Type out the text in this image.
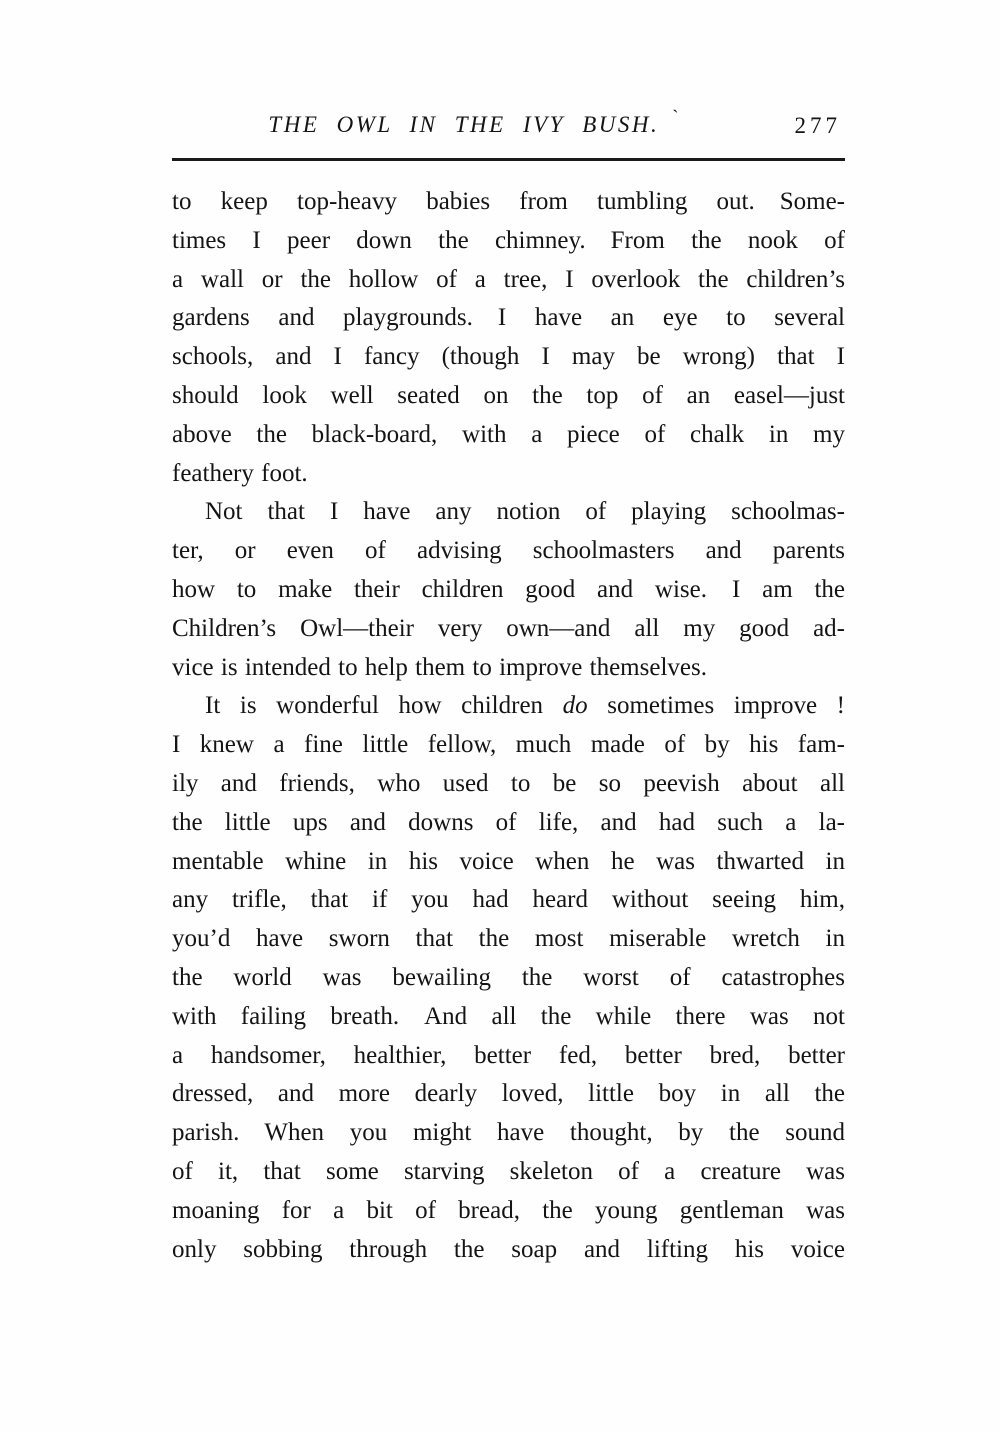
THE OWL IN THE IVY BUSH. `	277
to keep top-heavy babies from tumbling out. Some-
times I peer down the chimney. From the nook of
a wall or the hollow of a tree, I overlook the children’s
gardens and playgrounds. I have an eye to several
schools, and I fancy (though I may be wrong) that I
should look well seated on the top of an easel—just
above the black-board, with a piece of chalk in my
feathery foot.
Not that I have any notion of playing schoolmas-
ter, or even of advising schoolmasters and parents
how to make their children good and wise. I am the
Children’s Owl—their very own—and all my good ad-
vice is intended to help them to improve themselves.
It is wonderful how children do sometimes improve !
I knew a fine little fellow, much made of by his fam-
ily and friends, who used to be so peevish about all
the little ups and downs of life, and had such a la-
mentable whine in his voice when he was thwarted in
any trifle, that if you had heard without seeing him,
you’d have sworn that the most miserable wretch in
the world was bewailing the worst of catastrophes
with failing breath. And all the while there was not
a handsomer, healthier, better fed, better bred, better
dressed, and more dearly loved, little boy in all the
parish. When you might have thought, by the sound
of it, that some starving skeleton of a creature was
moaning for a bit of bread, the young gentleman was
only sobbing through the soap and lifting his voice
